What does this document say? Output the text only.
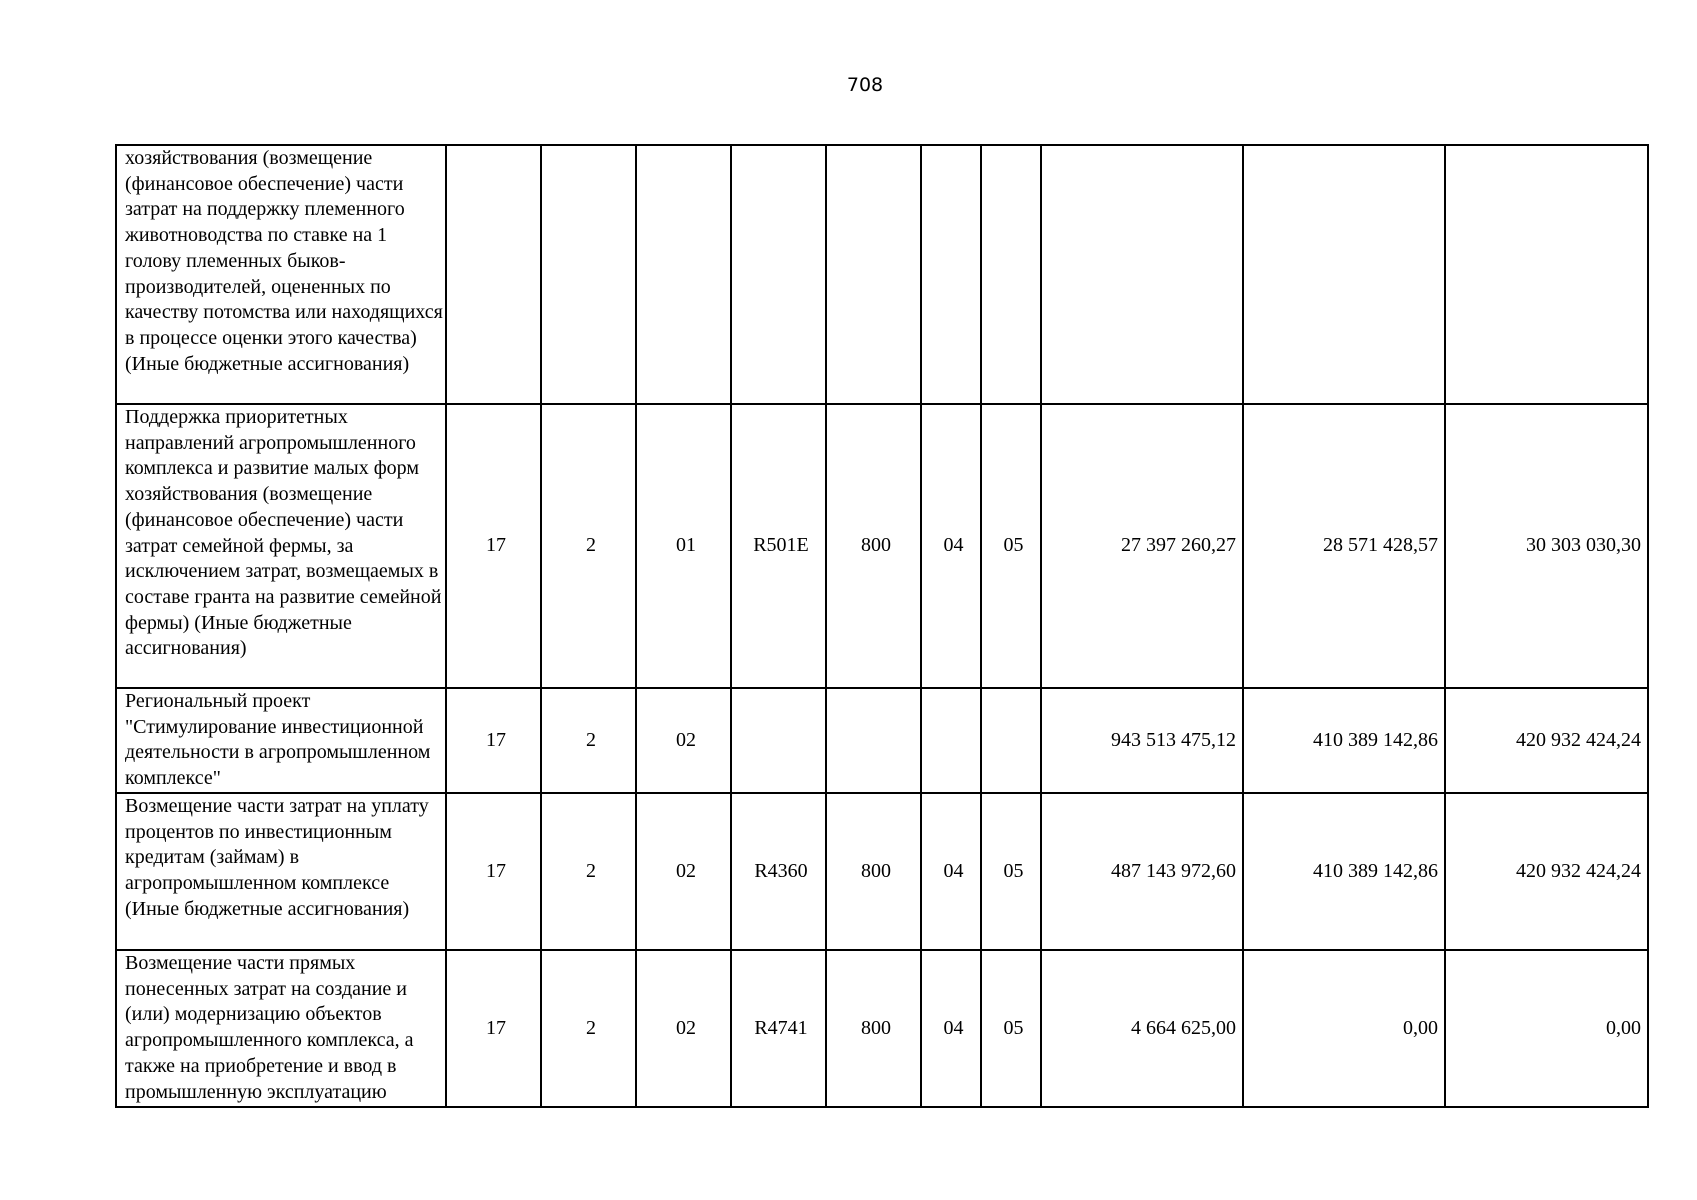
708
хозяйствования (возмещение (финансовое обеспечение) части затрат на поддержку племенного животноводства по ставке на 1 голову племенных быков-производителей, оцененных по качеству потомства или находящихся в процессе оценки этого качества) (Иные бюджетные ассигнования)										
Поддержка приоритетных направлений агропромышленного комплекса и развитие малых форм хозяйствования (возмещение (финансовое обеспечение) части затрат семейной фермы, за исключением затрат, возмещаемых в составе гранта на развитие семейной фермы) (Иные бюджетные ассигнования)	17	2	01	R501E	800	04	05	27 397 260,27	28 571 428,57	30 303 030,30
Региональный проект "Стимулирование инвестиционной деятельности в агропромышленном комплексе"	17	2	02					943 513 475,12	410 389 142,86	420 932 424,24
Возмещение части затрат на уплату процентов по инвестиционным кредитам (займам) в агропромышленном комплексе (Иные бюджетные ассигнования)	17	2	02	R4360	800	04	05	487 143 972,60	410 389 142,86	420 932 424,24
Возмещение части прямых понесенных затрат на создание и (или) модернизацию объектов агропромышленного комплекса, а также на приобретение и ввод в промышленную эксплуатацию	17	2	02	R4741	800	04	05	4 664 625,00	0,00	0,00
